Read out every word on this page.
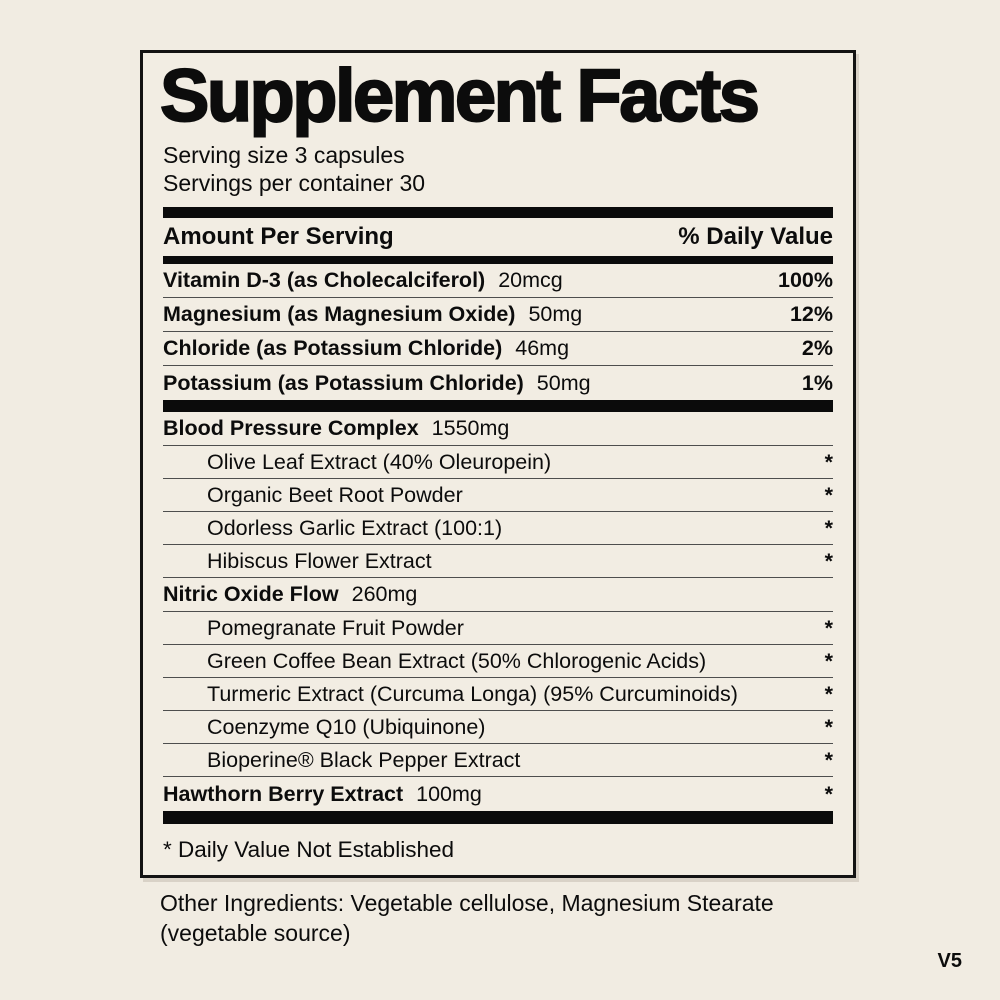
Supplement Facts
Serving size 3 capsules
Servings per container 30
Amount Per Serving	% Daily Value
Vitamin D-3 (as Cholecalciferol) 20mcg	100%
Magnesium (as Magnesium Oxide) 50mg	12%
Chloride (as Potassium Chloride) 46mg	2%
Potassium (as Potassium Chloride) 50mg	1%
Blood Pressure Complex 1550mg
Olive Leaf Extract (40% Oleuropein)	*
Organic Beet Root Powder	*
Odorless Garlic Extract (100:1)	*
Hibiscus Flower Extract	*
Nitric Oxide Flow 260mg
Pomegranate Fruit Powder	*
Green Coffee Bean Extract (50% Chlorogenic Acids)	*
Turmeric Extract (Curcuma Longa) (95% Curcuminoids)	*
Coenzyme Q10 (Ubiquinone)	*
Bioperine® Black Pepper Extract	*
Hawthorn Berry Extract 100mg	*
* Daily Value Not Established
Other Ingredients: Vegetable cellulose, Magnesium Stearate (vegetable source)
V5
